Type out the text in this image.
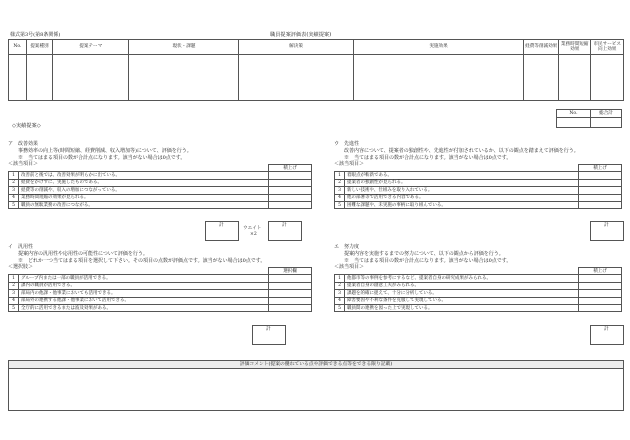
様式第3号(第8条関係)	職員提案評価表(実績提案)
No.	提案種別	提案テーマ	現状・課題	解決策	実施効果	経費等削減効果	業務時間短縮効果	市民サービス向上効果

No.	総合計

◇実績提案◇
ア　改善効果
事務効率の向上等(時間短縮、経費削減、収入増加等)について、評価を行う。
※　当てはまる項目の数が合計点になります。該当がない場合は0点です。
＜該当項目＞
		積上げ
1	改善前と後では、改善効果が明らかに出ている。	
2	経費をかけずに、実施したものである。	
3	経費等の削減や、収入の増加につながっている。	
4	業務時間短縮の効果が見られる。	
5	職員の無駄業務の改善につながる。	
ウ　先進性
改善内容について、提案者の独創性や、先進性が付加されているか、以下の観点を踏まえて評価を行う。
※　当てはまる項目の数が合計点になります。該当がない場合は0点です。
＜該当項目＞
		積上げ
1	着眼点が斬新である。	
2	提案者の独創性が見られる。	
3	新しい技術や、仕組みを取り入れている。	
4	他の部署等で活用できる内容である。	
5	困難な課題や、未実施の事柄に取り組んでいる。	
計
ウエイト
×2
計	計
イ　汎用性
提案内容の汎用性や応用性の可能性について評価を行う。
※　どれか一つ当てはまる項目を選択して下さい。その項目の点数が評価点です。該当がない場合は0点です。
＜選択肢＞
		選択欄
1	グループ内または一部の職員が活用できる。	
2	課内の職員が活用できる。	
3	部局内の他課・他事業においても活用できる。	
4	部局外の連携する他課・他事業において活用できる。	
5	全庁的に活用できるまたは波及効果がある。	
エ　努力度
提案内容を実施するまでの努力について、以下の観点から評価を行う。
※　当てはまる項目の数が合計点になります。該当がない場合は0点です。
＜該当項目＞
		積上げ
1	他都市等の事例を参考にするなど、提案者自身の研究成果がみられる。	
2	提案者自身の創意工夫がみられる。	
3	課題を的確に捉えて、十分に分析している。	
4	障害要因や不利な条件を克服して実現している。	
5	職員間の連携を図った上で実現している。	
計	計
評価コメント(提案の優れている点や評価できる点等をできる限り記載)
